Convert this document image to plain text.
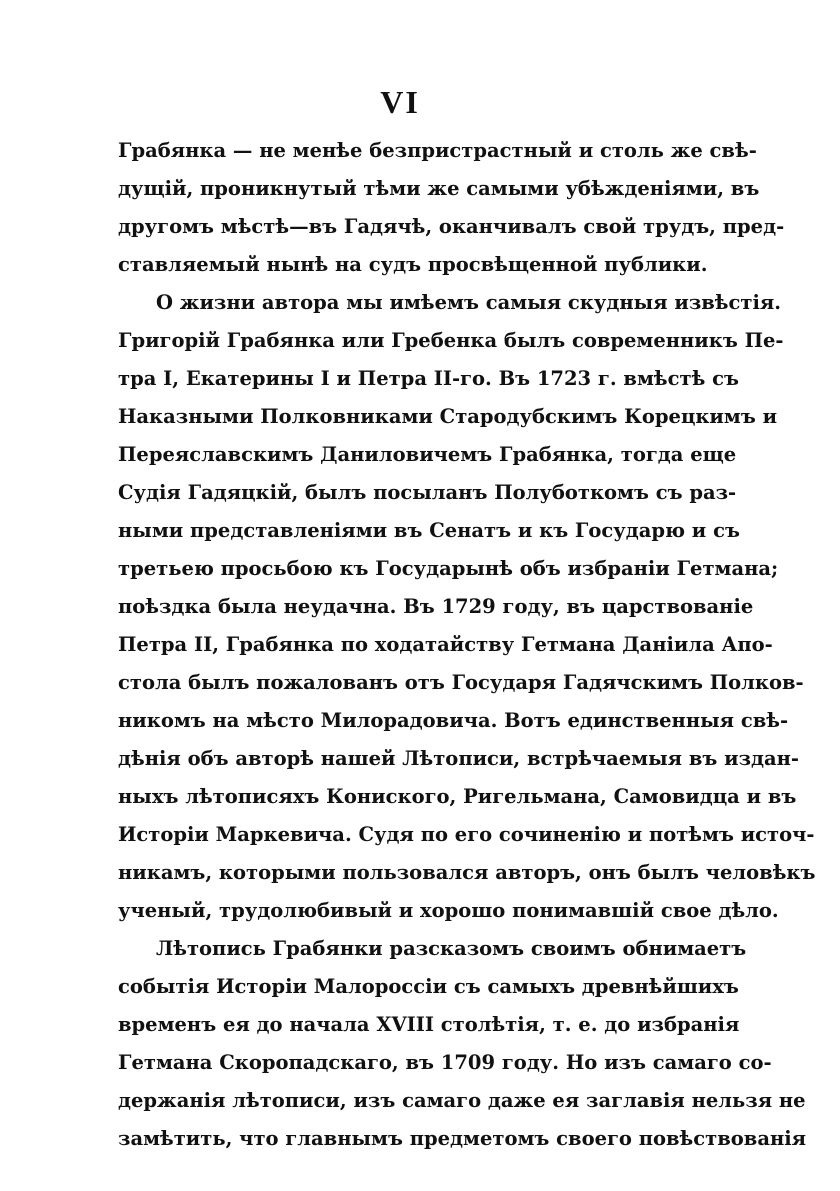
VI
Грабянка — не менѣе безпристрастный и столь же свѣ-
дущій, проникнутый тѣми же самыми убѣжденіями, въ
другомъ мѣстѣ—въ Гадячѣ, оканчивалъ свой трудъ, пред-
ставляемый нынѣ на судъ просвѣщенной публики.
О жизни автора мы имѣемъ самыя скудныя извѣстія.
Григорій Грабянка или Гребенка былъ современникъ Пе-
тра I, Екатерины I и Петра II-го. Въ 1723 г. вмѣстѣ съ
Наказными Полковниками Стародубскимъ Корецкимъ и
Переяславскимъ Даниловичемъ Грабянка, тогда еще
Судія Гадяцкій, былъ посыланъ Полуботкомъ съ раз-
ными представленіями въ Сенатъ и къ Государю и съ
третьею просьбою къ Государынѣ объ избраніи Гетмана;
поѣздка была неудачна. Въ 1729 году, въ царствованіе
Петра II, Грабянка по ходатайству Гетмана Даніила Апо-
стола былъ пожалованъ отъ Государя Гадячскимъ Полков-
никомъ на мѣсто Милорадовича. Вотъ единственныя свѣ-
дѣнія объ авторѣ нашей Лѣтописи, встрѣчаемыя въ издан-
ныхъ лѣтописяхъ Кониского, Ригельмана, Самовидца и въ
Исторіи Маркевича. Судя по его сочиненію и потѣмъ источ-
никамъ, которыми пользовался авторъ, онъ былъ человѣкъ
ученый, трудолюбивый и хорошо понимавшій свое дѣло.
Лѣтопись Грабянки разсказомъ своимъ обнимаетъ
событія Исторіи Малороссіи съ самыхъ древнѣйшихъ
временъ ея до начала XVIII столѣтія, т. е. до избранія
Гетмана Скоропадскаго, въ 1709 году. Но изъ самаго со-
держанія лѣтописи, изъ самаго даже ея заглавія нельзя не
замѣтить, что главнымъ предметомъ своего повѣствованія
